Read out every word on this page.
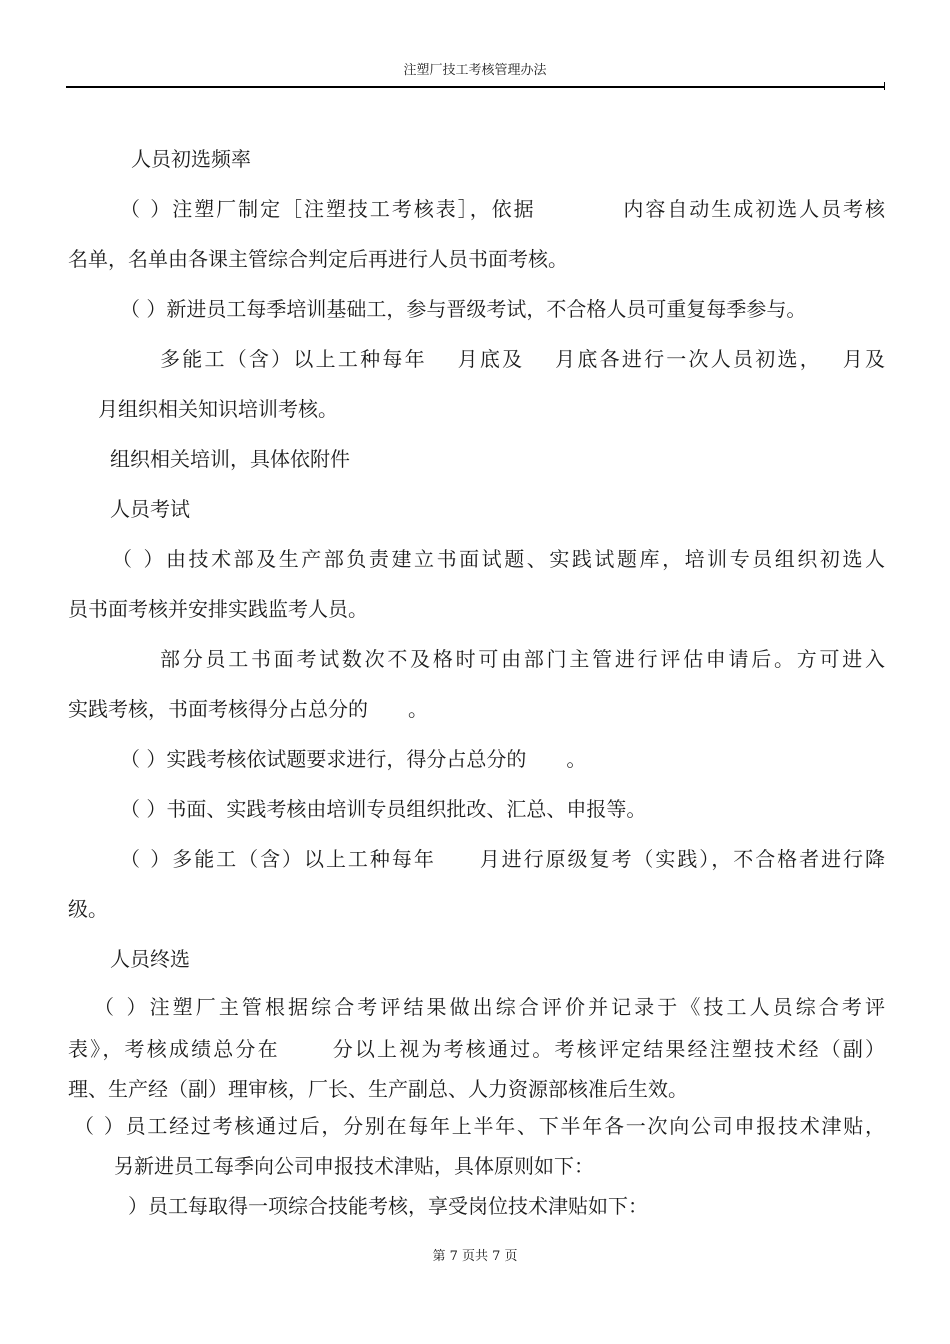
注塑厂技工考核管理办法
人员初选频率
（ ）注塑厂制定［注塑技工考核表］，依据　　　　内容自动生成初选人员考核
名单，名单由各课主管综合判定后再进行人员书面考核。
（ ）新进员工每季培训基础工，参与晋级考试，不合格人员可重复每季参与。
多能工（含）以上工种每年　 月底及　 月底各进行一次人员初选，　 月及
月组织相关知识培训考核。
组织相关培训，具体依附件
人员考试
（ ）由技术部及生产部负责建立书面试题、实践试题库，培训专员组织初选人
员书面考核并安排实践监考人员。
部分员工书面考试数次不及格时可由部门主管进行评估申请后。方可进入
实践考核，书面考核得分占总分的　　。
（ ）实践考核依试题要求进行，得分占总分的　　。
（ ）书面、实践考核由培训专员组织批改、汇总、申报等。
（ ）多能工（含）以上工种每年　　月进行原级复考（实践），不合格者进行降
级。
人员终选
（ ）注塑厂主管根据综合考评结果做出综合评价并记录于《技工人员综合考评
表》，考核成绩总分在　　 分以上视为考核通过。考核评定结果经注塑技术经（副）
理、生产经（副）理审核，厂长、生产副总、人力资源部核准后生效。
（ ）员工经过考核通过后，分别在每年上半年、下半年各一次向公司申报技术津贴，
另新进员工每季向公司申报技术津贴，具体原则如下：
）员工每取得一项综合技能考核，享受岗位技术津贴如下：
第 7 页共 7 页
